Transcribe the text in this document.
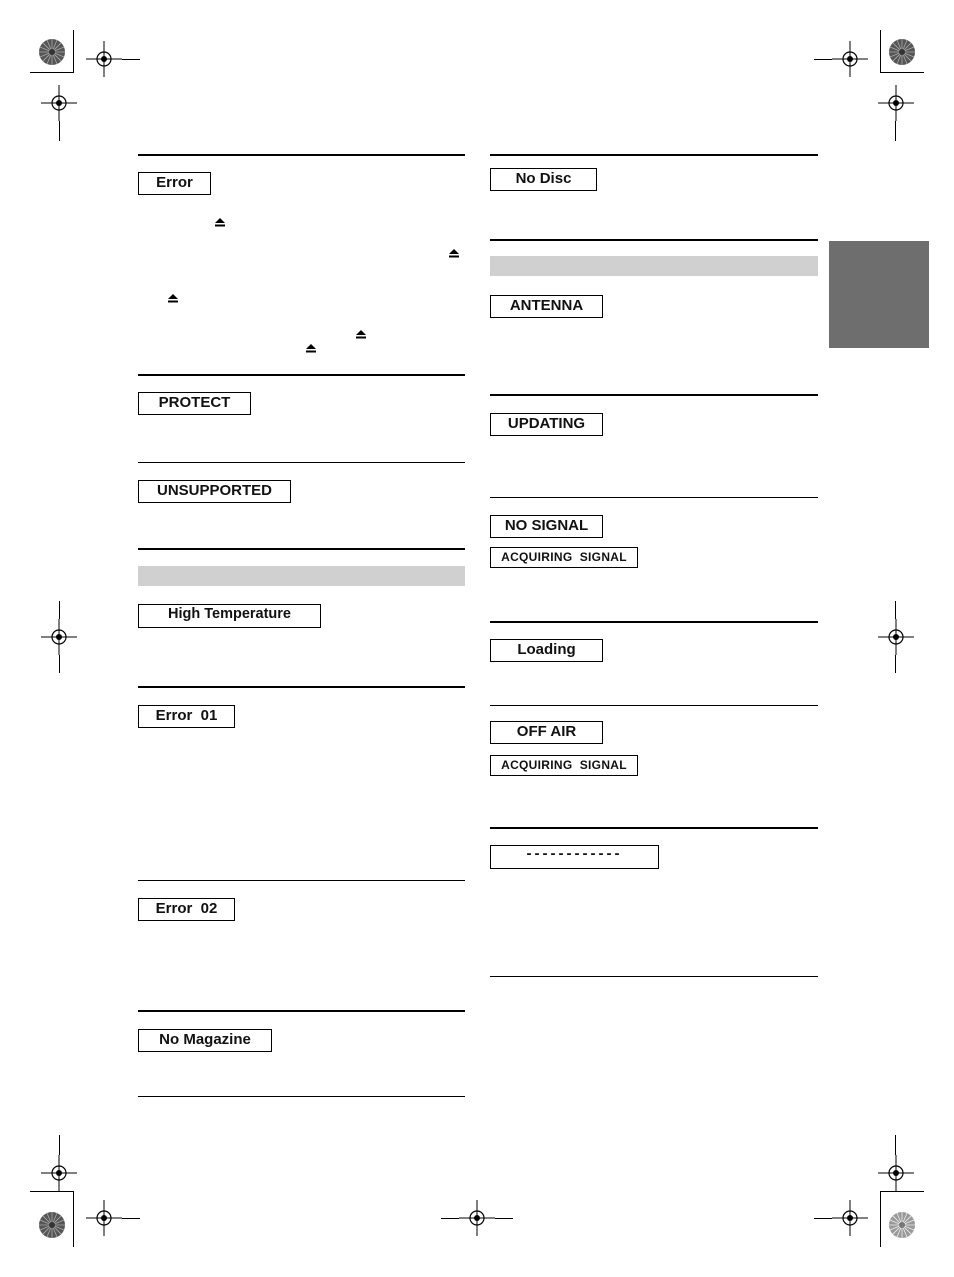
Error
PROTECT
UNSUPPORTED
High Temperature
Error  01
Error  02
No Magazine
No Disc
ANTENNA
UPDATING
NO SIGNAL
ACQUIRING  SIGNAL
Loading
OFF AIR
ACQUIRING  SIGNAL
------------
